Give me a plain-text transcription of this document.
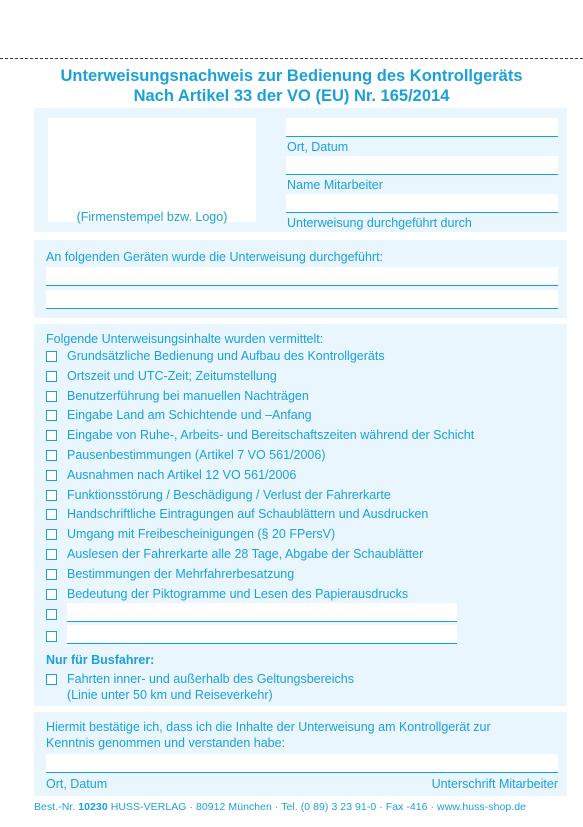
Unterweisungsnachweis zur Bedienung des Kontrollgeräts
Nach Artikel 33 der VO (EU) Nr. 165/2014
(Firmenstempel bzw. Logo)
Ort, Datum
Name Mitarbeiter
Unterweisung durchgeführt durch
An folgenden Geräten wurde die Unterweisung durchgeführt:
Folgende Unterweisungsinhalte wurden vermittelt:
Grundsätzliche Bedienung und Aufbau des Kontrollgeräts
Ortszeit und UTC-Zeit; Zeitumstellung
Benutzerführung bei manuellen Nachträgen
Eingabe Land am Schichtende und –Anfang
Eingabe von Ruhe-, Arbeits- und Bereitschaftszeiten während der Schicht
Pausenbestimmungen (Artikel 7 VO 561/2006)
Ausnahmen nach Artikel 12 VO 561/2006
Funktionsstörung / Beschädigung / Verlust der Fahrerkarte
Handschriftliche Eintragungen auf Schaublättern und Ausdrucken
Umgang mit Freibescheinigungen (§ 20 FPersV)
Auslesen der Fahrerkarte alle 28 Tage, Abgabe der Schaublätter
Bestimmungen der Mehrfahrerbesatzung
Bedeutung der Piktogramme und Lesen des Papierausdrucks
Nur für Busfahrer:
Fahrten inner- und außerhalb des Geltungsbereichs
(Linie unter 50 km und Reiseverkehr)
Hiermit bestätige ich, dass ich die Inhalte der Unterweisung am Kontrollgerät zur
Kenntnis genommen und verstanden habe:
Ort, Datum	Unterschrift Mitarbeiter
Best.-Nr. 10230 HUSS-VERLAG · 80912 München · Tel. (0 89) 3 23 91-0 · Fax -416 · www.huss-shop.de
